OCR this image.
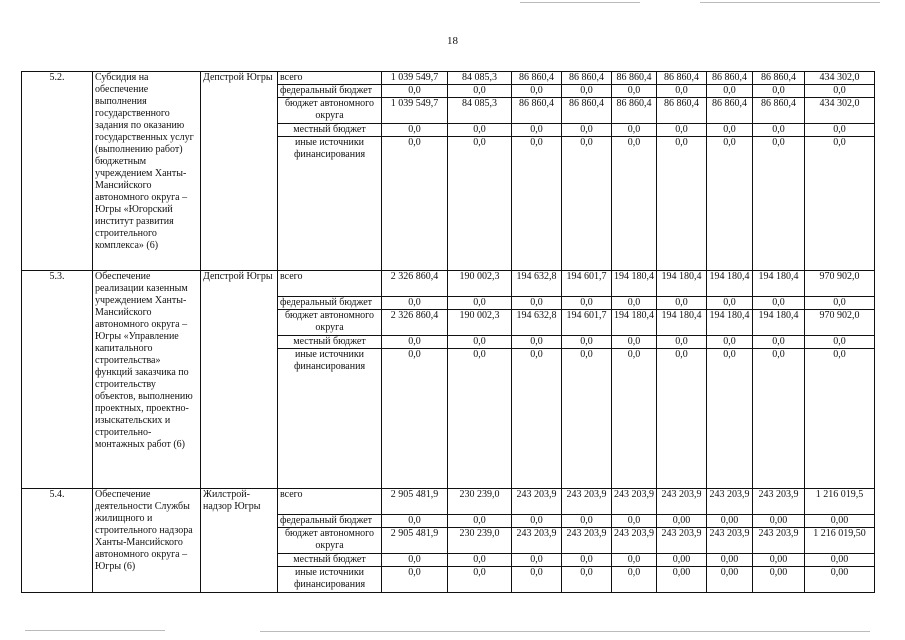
18
5.2.	Субсидия на обеспечение выполнения государственного задания по оказанию государственных услуг (выполнению работ) бюджетным учреждением Ханты-Мансийского автономного округа – Югры «Югорский институт развития строительного комплекса» (6)	Депстрой Югры	всего	1 039 549,7	84 085,3	86 860,4	86 860,4	86 860,4	86 860,4	86 860,4	86 860,4	434 302,0
			федеральный бюджет	0,0	0,0	0,0	0,0	0,0	0,0	0,0	0,0	0,0
			бюджет автономного округа	1 039 549,7	84 085,3	86 860,4	86 860,4	86 860,4	86 860,4	86 860,4	86 860,4	434 302,0
			местный бюджет	0,0	0,0	0,0	0,0	0,0	0,0	0,0	0,0	0,0
			иные источники финансирования	0,0	0,0	0,0	0,0	0,0	0,0	0,0	0,0	0,0
5.3.	Обеспечение реализации казенным учреждением Ханты-Мансийского автономного округа – Югры «Управление капитального строительства» функций заказчика по строительству объектов, выполнению проектных, проектно-изыскательских и строительно-монтажных работ (6)	Депстрой Югры	всего	2 326 860,4	190 002,3	194 632,8	194 601,7	194 180,4	194 180,4	194 180,4	194 180,4	970 902,0
			федеральный бюджет	0,0	0,0	0,0	0,0	0,0	0,0	0,0	0,0	0,0
			бюджет автономного округа	2 326 860,4	190 002,3	194 632,8	194 601,7	194 180,4	194 180,4	194 180,4	194 180,4	970 902,0
			местный бюджет	0,0	0,0	0,0	0,0	0,0	0,0	0,0	0,0	0,0
			иные источники финансирования	0,0	0,0	0,0	0,0	0,0	0,0	0,0	0,0	0,0
5.4.	Обеспечение деятельности Службы жилищного и строительного надзора Ханты-Мансийского автономного округа – Югры (6)	Жилстрой-надзор Югры	всего	2 905 481,9	230 239,0	243 203,9	243 203,9	243 203,9	243 203,9	243 203,9	243 203,9	1 216 019,5
			федеральный бюджет	0,0	0,0	0,0	0,0	0,0	0,00	0,00	0,00	0,00
			бюджет автономного округа	2 905 481,9	230 239,0	243 203,9	243 203,9	243 203,9	243 203,9	243 203,9	243 203,9	1 216 019,50
			местный бюджет	0,0	0,0	0,0	0,0	0,0	0,00	0,00	0,00	0,00
			иные источники финансирования	0,0	0,0	0,0	0,0	0,0	0,00	0,00	0,00	0,00
